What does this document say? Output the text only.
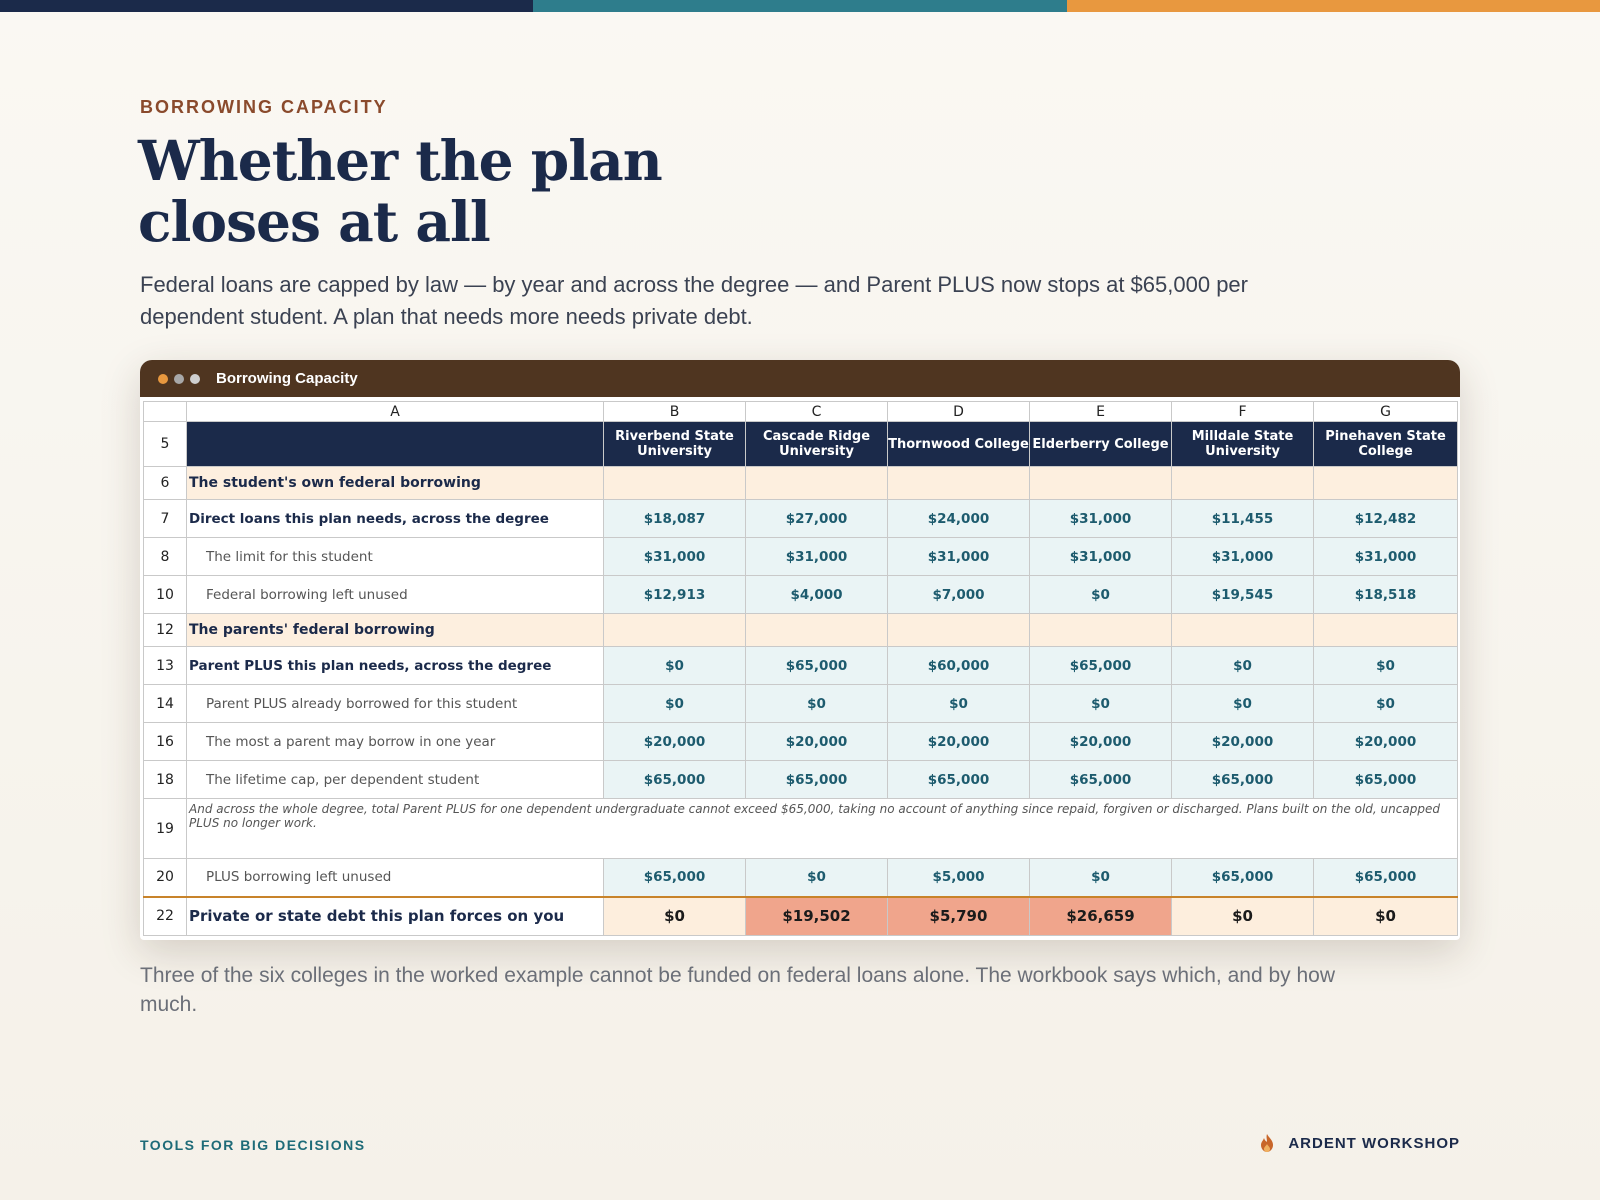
BORROWING CAPACITY
Whether the plan
closes at all
Federal loans are capped by law — by year and across the degree — and Parent PLUS now stops at $65,000 per dependent student. A plan that needs more needs private debt.
Borrowing Capacity
	A	B	C	D	E	F	G
5		Riverbend State University	Cascade Ridge University	Thornwood College	Elderberry College	Milldale State University	Pinehaven State College
6	The student's own federal borrowing						
7	Direct loans this plan needs, across the degree	$18,087	$27,000	$24,000	$31,000	$11,455	$12,482
8	The limit for this student	$31,000	$31,000	$31,000	$31,000	$31,000	$31,000
10	Federal borrowing left unused	$12,913	$4,000	$7,000	$0	$19,545	$18,518
12	The parents' federal borrowing						
13	Parent PLUS this plan needs, across the degree	$0	$65,000	$60,000	$65,000	$0	$0
14	Parent PLUS already borrowed for this student	$0	$0	$0	$0	$0	$0
16	The most a parent may borrow in one year	$20,000	$20,000	$20,000	$20,000	$20,000	$20,000
18	The lifetime cap, per dependent student	$65,000	$65,000	$65,000	$65,000	$65,000	$65,000
19	And across the whole degree, total Parent PLUS for one dependent undergraduate cannot exceed $65,000, taking no account of anything since repaid, forgiven or discharged. Plans built on the old, uncapped PLUS no longer work.						
20	PLUS borrowing left unused	$65,000	$0	$5,000	$0	$65,000	$65,000
22	Private or state debt this plan forces on you	$0	$19,502	$5,790	$26,659	$0	$0
Three of the six colleges in the worked example cannot be funded on federal loans alone. The workbook says which, and by how much.
TOOLS FOR BIG DECISIONS	ARDENT WORKSHOP
